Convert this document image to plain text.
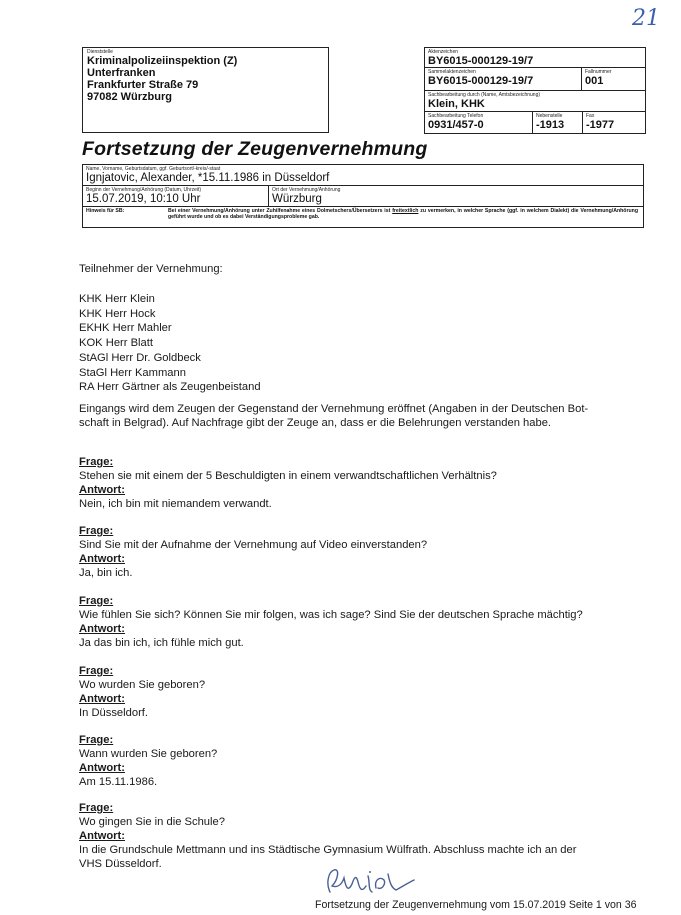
21
Dienststelle
Kriminalpolizeiinspektion (Z)
Unterfranken
Frankfurter Straße 79
97082 Würzburg
Aktenzeichen
BY6015-000129-19/7
Sammelaktenzeichen
BY6015-000129-19/7
Fallnummer
001
Sachbearbeitung durch (Name, Amtsbezeichnung)
Klein, KHK
Sachbearbeitung Telefon
0931/457-0
Nebenstelle
-1913
Fax
-1977
Fortsetzung der Zeugenvernehmung
Name, Vorname, Geburtsdatum, ggf. Geburtsort/-kreis/-staat
Ignjatovic, Alexander, *15.11.1986 in Düsseldorf
Beginn der Vernehmung/Anhörung (Datum, Uhrzeit)
15.07.2019, 10:10 Uhr
Ort der Vernehmung/Anhörung
Würzburg
Hinweis für SB:	Bei einer Vernehmung/Anhörung unter Zuhilfenahme eines Dolmetschers/Übersetzers ist freitextlich zu vermerken, in welcher Sprache (ggf. in welchem Dialekt) die Vernehmung/Anhörung geführt wurde und ob es dabei Verständigungsprobleme gab.
Teilnehmer der Vernehmung:
KHK Herr Klein
KHK Herr Hock
EKHK Herr Mahler
KOK Herr Blatt
StAGl Herr Dr. Goldbeck
StaGl Herr Kammann
RA Herr Gärtner als Zeugenbeistand
Eingangs wird dem Zeugen der Gegenstand der Vernehmung eröffnet (Angaben in der Deutschen Bot-
schaft in Belgrad). Auf Nachfrage gibt der Zeuge an, dass er die Belehrungen verstanden habe.
Frage:
Stehen sie mit einem der 5 Beschuldigten in einem verwandtschaftlichen Verhältnis?
Antwort:
Nein, ich bin mit niemandem verwandt.
Frage:
Sind Sie mit der Aufnahme der Vernehmung auf Video einverstanden?
Antwort:
Ja, bin ich.
Frage:
Wie fühlen Sie sich? Können Sie mir folgen, was ich sage? Sind Sie der deutschen Sprache mächtig?
Antwort:
Ja das bin ich, ich fühle mich gut.
Frage:
Wo wurden Sie geboren?
Antwort:
In Düsseldorf.
Frage:
Wann wurden Sie geboren?
Antwort:
Am 15.11.1986.
Frage:
Wo gingen Sie in die Schule?
Antwort:
In die Grundschule Mettmann und ins Städtische Gymnasium Wülfrath. Abschluss machte ich an der
VHS Düsseldorf.
Fortsetzung der Zeugenvernehmung vom 15.07.2019 Seite 1 von 36
